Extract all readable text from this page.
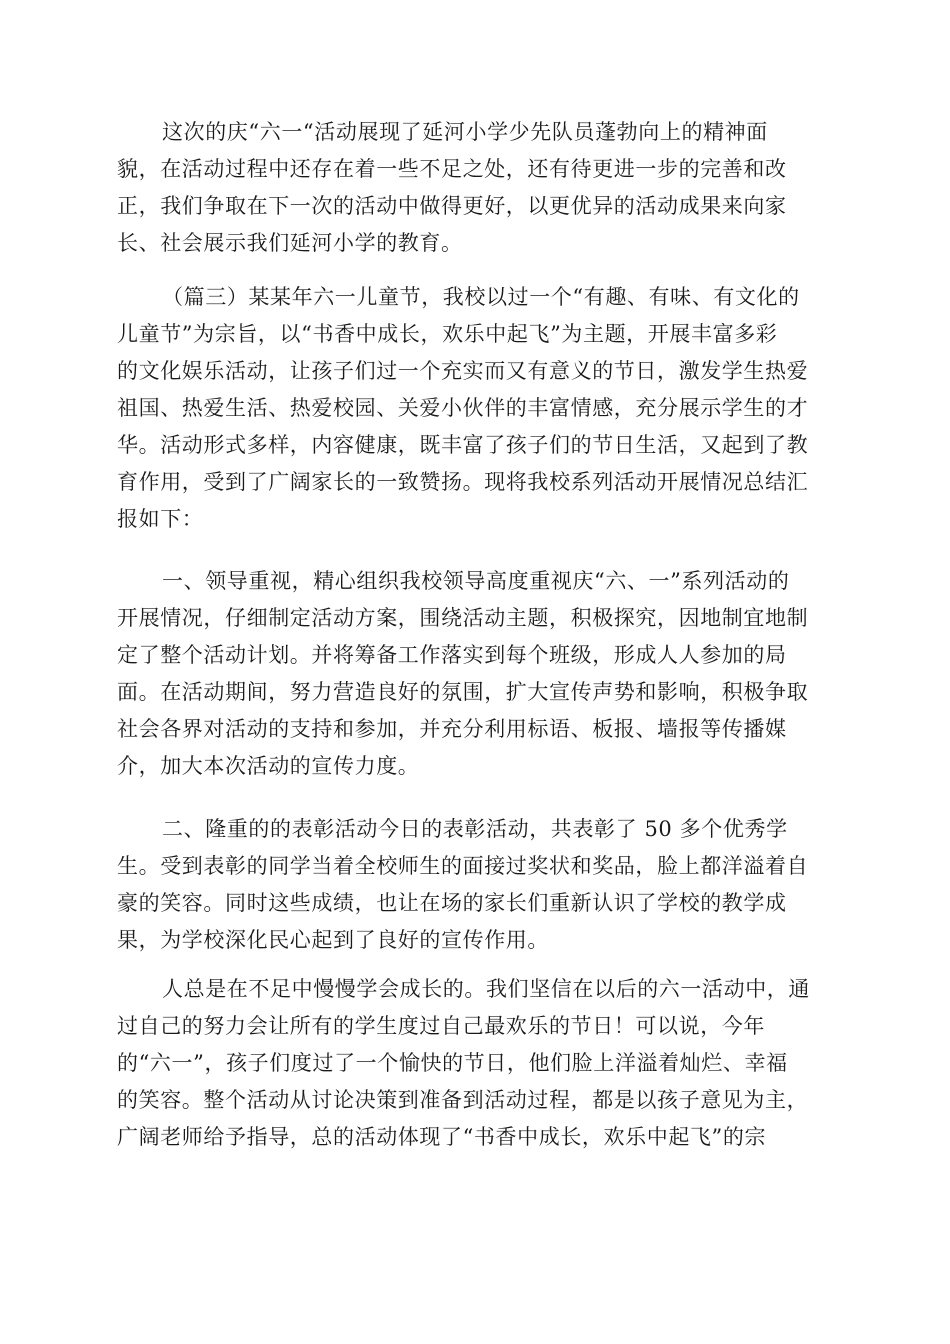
这次的庆“六一“活动展现了延河小学少先队员蓬勃向上的精神面
貌，在活动过程中还存在着一些不足之处，还有待更进一步的完善和改
正，我们争取在下一次的活动中做得更好，以更优异的活动成果来向家
长、社会展示我们延河小学的教育。
（篇三）某某年六一儿童节，我校以过一个“有趣、有味、有文化的
儿童节”为宗旨，以“书香中成长，欢乐中起飞”为主题，开展丰富多彩
的文化娱乐活动，让孩子们过一个充实而又有意义的节日，激发学生热爱
祖国、热爱生活、热爱校园、关爱小伙伴的丰富情感，充分展示学生的才
华。活动形式多样，内容健康，既丰富了孩子们的节日生活，又起到了教
育作用，受到了广阔家长的一致赞扬。现将我校系列活动开展情况总结汇
报如下：
一、领导重视，精心组织我校领导高度重视庆“六、一”系列活动的
开展情况，仔细制定活动方案，围绕活动主题，积极探究，因地制宜地制
定了整个活动计划。并将筹备工作落实到每个班级，形成人人参加的局
面。在活动期间，努力营造良好的氛围，扩大宣传声势和影响，积极争取
社会各界对活动的支持和参加，并充分利用标语、板报、墙报等传播媒
介，加大本次活动的宣传力度。
二、隆重的的表彰活动今日的表彰活动，共表彰了 50 多个优秀学
生。受到表彰的同学当着全校师生的面接过奖状和奖品，脸上都洋溢着自
豪的笑容。同时这些成绩，也让在场的家长们重新认识了学校的教学成
果，为学校深化民心起到了良好的宣传作用。
人总是在不足中慢慢学会成长的。我们坚信在以后的六一活动中，通
过自己的努力会让所有的学生度过自己最欢乐的节日！可以说，今年
的“六一”，孩子们度过了一个愉快的节日，他们脸上洋溢着灿烂、幸福
的笑容。整个活动从讨论决策到准备到活动过程，都是以孩子意见为主，
广阔老师给予指导，总的活动体现了“书香中成长，欢乐中起飞”的宗
